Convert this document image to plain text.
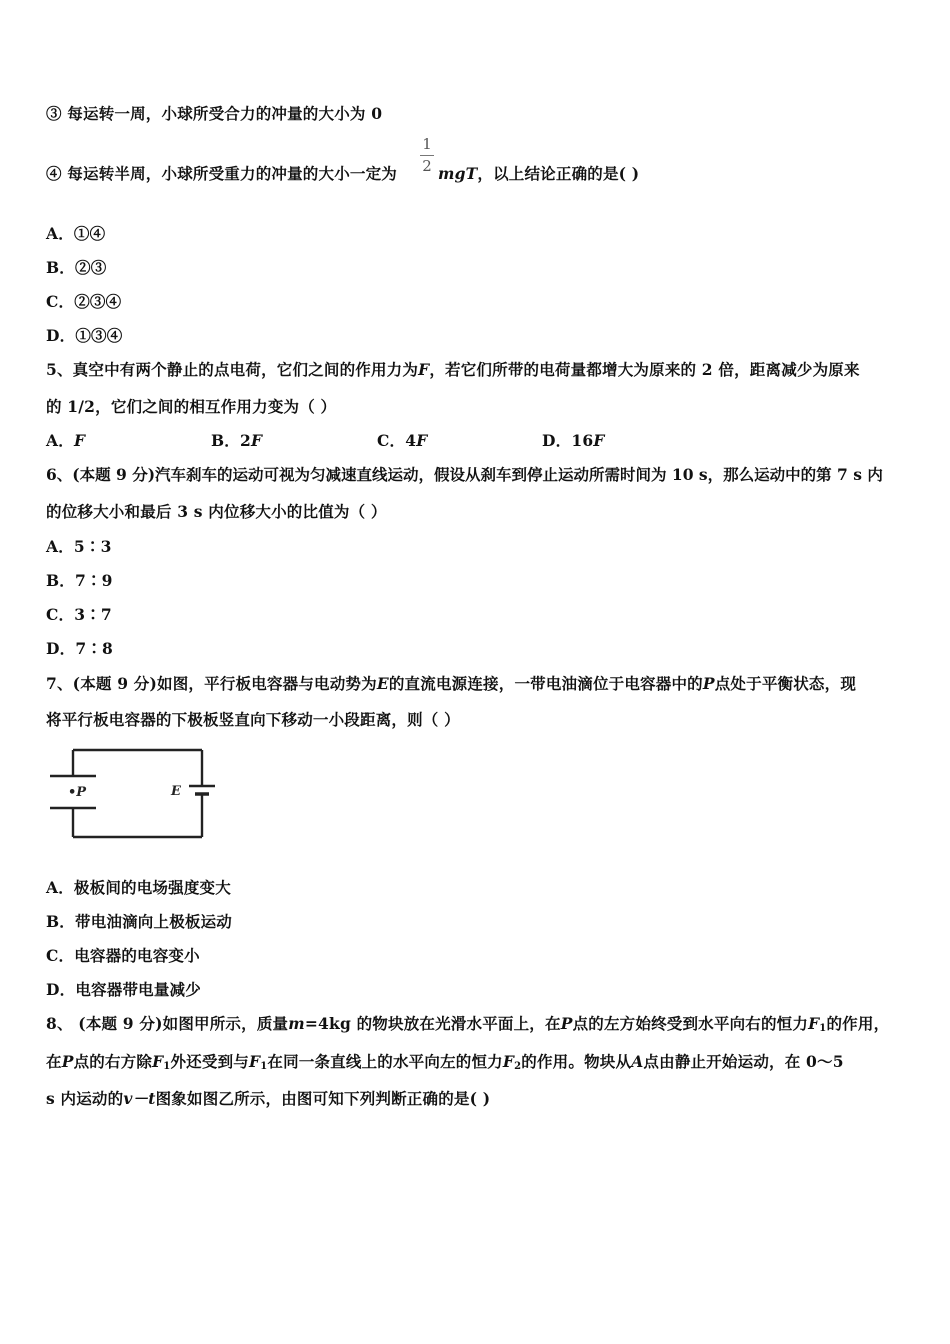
③ 每运转一周，小球所受合力的冲量的大小为 0
④ 每运转半周，小球所受重力的冲量的大小一定为
1
2 mgT，以上结论正确的是( )
A．①④
B．②③
C．②③④
D．①③④
5、真空中有两个静止的点电荷，它们之间的作用力为F，若它们所带的电荷量都增大为原来的 2 倍，距离减少为原来
的 1/2，它们之间的相互作用力变为（ ）
A．F	B．2F	C．4F	D．16F
6、(本题 9 分)汽车刹车的运动可视为匀减速直线运动，假设从刹车到停止运动所需时间为 10 s，那么运动中的第 7 s 内
的位移大小和最后 3 s 内位移大小的比值为（ ）
A．5∶3
B．7∶9
C．3∶7
D．7∶8
7、(本题 9 分)如图，平行板电容器与电动势为E的直流电源连接，一带电油滴位于电容器中的P点处于平衡状态，现
将平行板电容器的下极板竖直向下移动一小段距离，则（ ）
•P	E
A．极板间的电场强度变大
B．带电油滴向上极板运动
C．电容器的电容变小
D．电容器带电量减少
8、 (本题 9 分)如图甲所示，质量m=4kg 的物块放在光滑水平面上，在P点的左方始终受到水平向右的恒力$F_1$的作用，
在P点的右方除$F_1$外还受到与$F_1$在同一条直线上的水平向左的恒力$F_2$的作用。物块从A点由静止开始运动，在 0～5
s 内运动的v－t图象如图乙所示，由图可知下列判断正确的是( )
